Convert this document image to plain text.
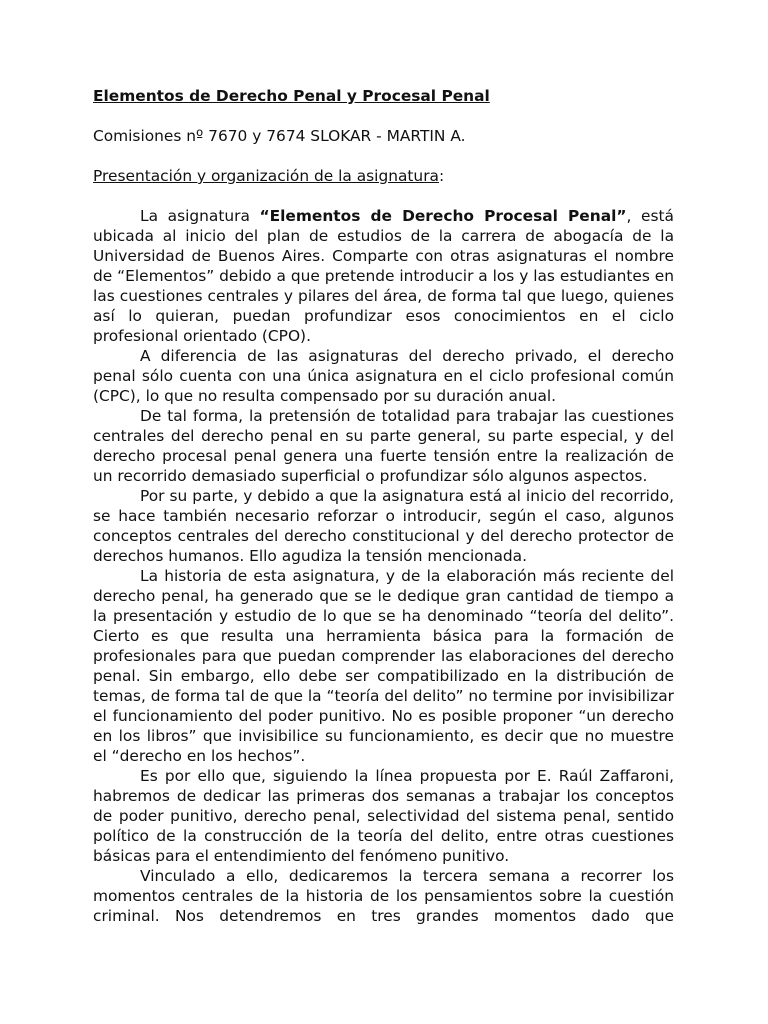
Elementos de Derecho Penal y Procesal Penal

Comisiones nº 7670 y 7674 SLOKAR - MARTIN A.

Presentación y organización de la asignatura:

La asignatura “Elementos de Derecho Procesal Penal”, está ubicada al inicio del plan de estudios de la carrera de abogacía de la Universidad de Buenos Aires. Comparte con otras asignaturas el nombre de “Elementos” debido a que pretende introducir a los y las estudiantes en las cuestiones centrales y pilares del área, de forma tal que luego, quienes así lo quieran, puedan profundizar esos conocimientos en el ciclo profesional orientado (CPO).

A diferencia de las asignaturas del derecho privado, el derecho penal sólo cuenta con una única asignatura en el ciclo profesional común (CPC), lo que no resulta compensado por su duración anual.

De tal forma, la pretensión de totalidad para trabajar las cuestiones centrales del derecho penal en su parte general, su parte especial, y del derecho procesal penal genera una fuerte tensión entre la realización de un recorrido demasiado superficial o profundizar sólo algunos aspectos.

Por su parte, y debido a que la asignatura está al inicio del recorrido, se hace también necesario reforzar o introducir, según el caso, algunos conceptos centrales del derecho constitucional y del derecho protector de derechos humanos. Ello agudiza la tensión mencionada.

La historia de esta asignatura, y de la elaboración más reciente del derecho penal, ha generado que se le dedique gran cantidad de tiempo a la presentación y estudio de lo que se ha denominado “teoría del delito”. Cierto es que resulta una herramienta básica para la formación de profesionales para que puedan comprender las elaboraciones del derecho penal. Sin embargo, ello debe ser compatibilizado en la distribución de temas, de forma tal de que la “teoría del delito” no termine por invisibilizar el funcionamiento del poder punitivo. No es posible proponer “un derecho en los libros” que invisibilice su funcionamiento, es decir que no muestre el “derecho en los hechos”.

Es por ello que, siguiendo la línea propuesta por E. Raúl Zaffaroni, habremos de dedicar las primeras dos semanas a trabajar los conceptos de poder punitivo, derecho penal, selectividad del sistema penal, sentido político de la construcción de la teoría del delito, entre otras cuestiones básicas para el entendimiento del fenómeno punitivo.

Vinculado a ello, dedicaremos la tercera semana a recorrer los momentos centrales de la historia de los pensamientos sobre la cuestión criminal. Nos detendremos en tres grandes momentos dado que
